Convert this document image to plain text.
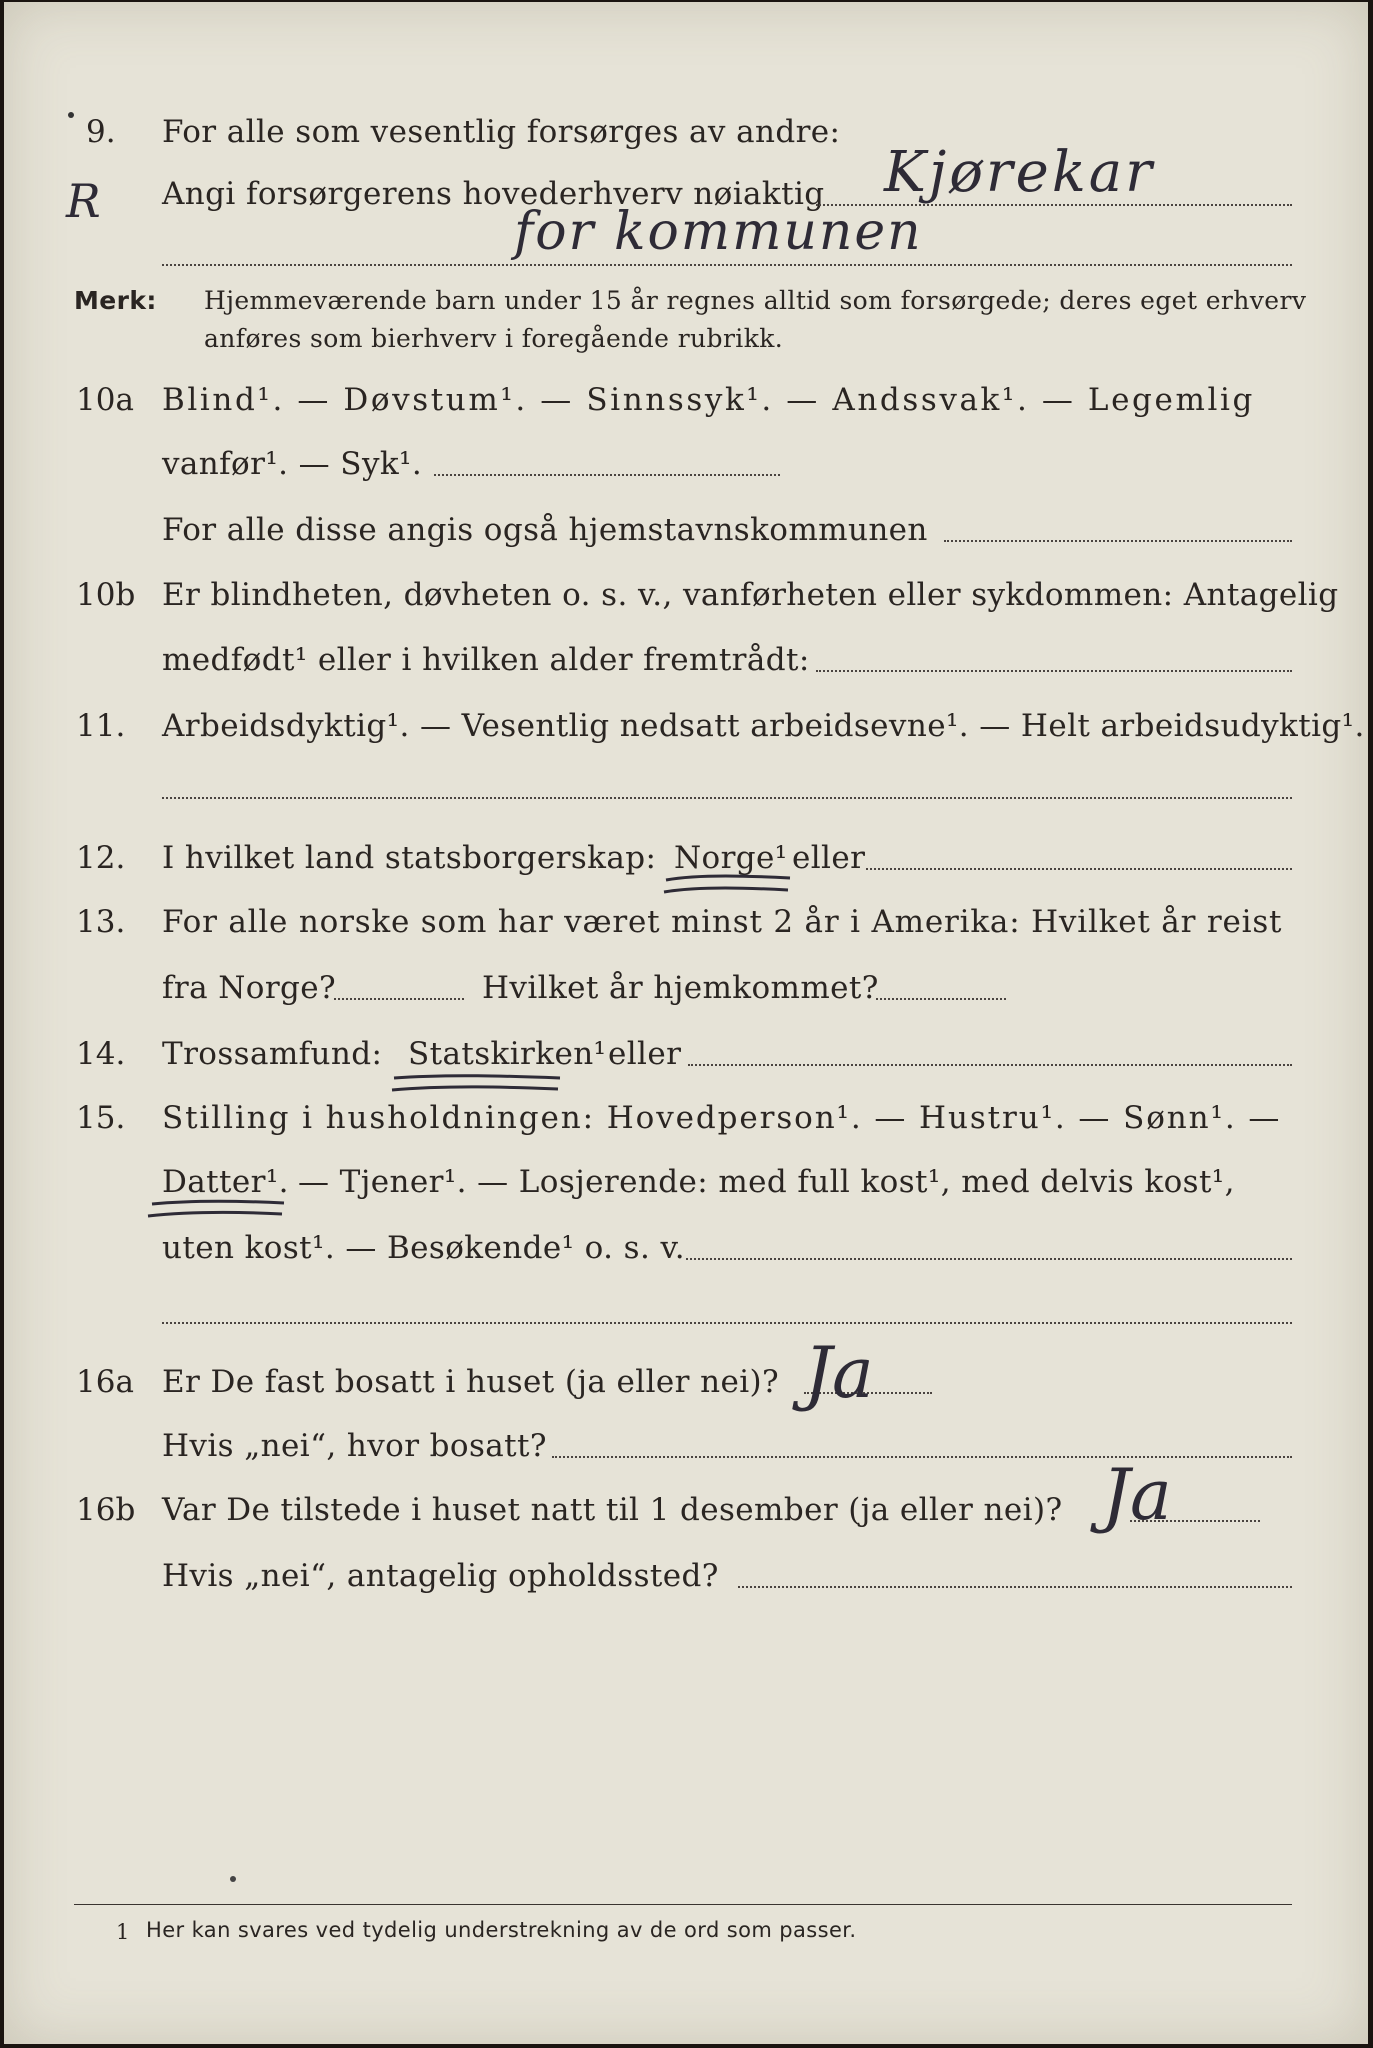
9. For alle som vesentlig forsørges av andre:
Angi forsørgerens hovederhverv nøiaktig Kjørekar
for kommunen
R
Merk: Hjemmeværende barn under 15 år regnes alltid som forsørgede; deres eget erhverv
anføres som bierhverv i foregående rubrikk.
10a Blind¹. — Døvstum¹. — Sinnssyk¹. — Andssvak¹. — Legemlig
vanfør¹. — Syk¹.
For alle disse angis også hjemstavnskommunen
10b Er blindheten, døvheten o. s. v., vanførheten eller sykdommen: Antagelig
medfødt¹ eller i hvilken alder fremtrådt:
11. Arbeidsdyktig¹. — Vesentlig nedsatt arbeidsevne¹. — Helt arbeidsudyktig¹.
12. I hvilket land statsborgerskap: Norge¹ eller
13. For alle norske som har været minst 2 år i Amerika: Hvilket år reist
fra Norge?	Hvilket år hjemkommet?
14. Trossamfund: Statskirken¹ eller
15. Stilling i husholdningen: Hovedperson¹. — Hustru¹. — Sønn¹. —
Datter¹. — Tjener¹. — Losjerende: med full kost¹, med delvis kost¹,
uten kost¹. — Besøkende¹ o. s. v.
16a Er De fast bosatt i huset (ja eller nei)? Ja
Hvis „nei“, hvor bosatt?
16b Var De tilstede i huset natt til 1 desember (ja eller nei)? Ja
Hvis „nei“, antagelig opholdssted?
1 Her kan svares ved tydelig understrekning av de ord som passer.
